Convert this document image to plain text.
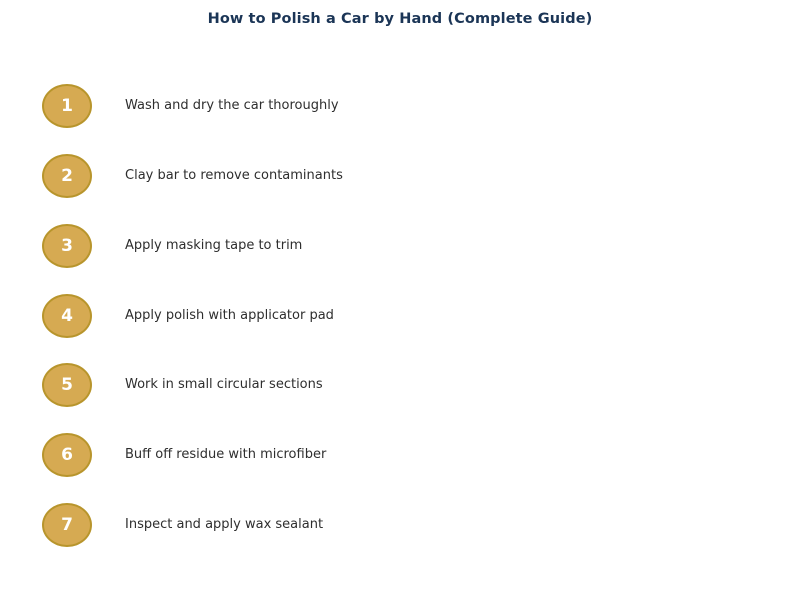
How to Polish a Car by Hand (Complete Guide)
1	Wash and dry the car thoroughly
2	Clay bar to remove contaminants
3	Apply masking tape to trim
4	Apply polish with applicator pad
5	Work in small circular sections
6	Buff off residue with microfiber
7	Inspect and apply wax sealant
